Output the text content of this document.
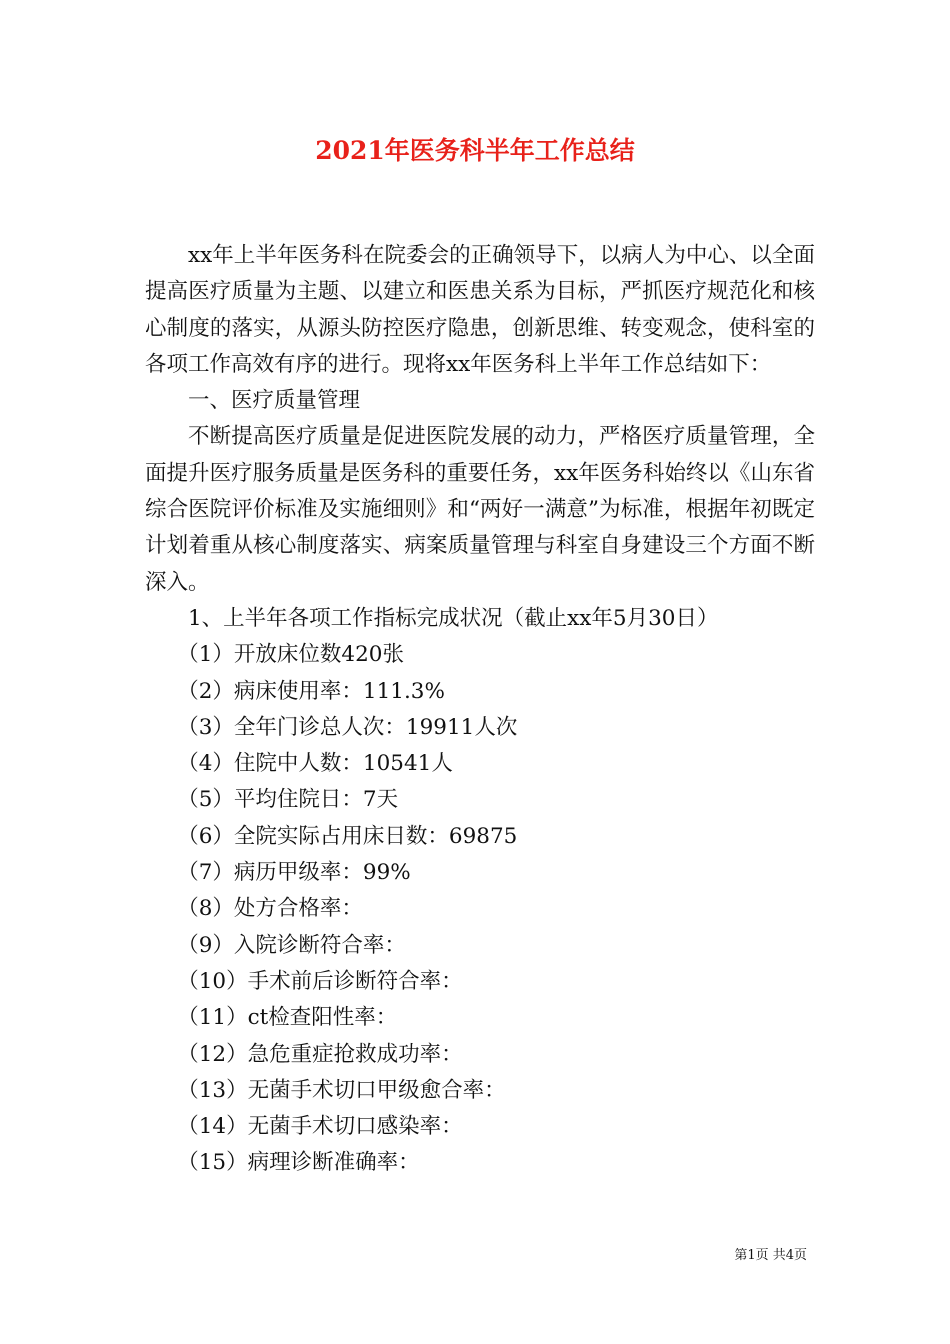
2021年医务科半年工作总结

xx年上半年医务科在院委会的正确领导下，以病人为中心、以全面提高医疗质量为主题、以建立和医患关系为目标，严抓医疗规范化和核心制度的落实，从源头防控医疗隐患，创新思维、转变观念，使科室的各项工作高效有序的进行。现将xx年医务科上半年工作总结如下：

一、医疗质量管理

不断提高医疗质量是促进医院发展的动力，严格医疗质量管理，全面提升医疗服务质量是医务科的重要任务，xx年医务科始终以《山东省综合医院评价标准及实施细则》和“两好一满意”为标准，根据年初既定计划着重从核心制度落实、病案质量管理与科室自身建设三个方面不断深入。

1、上半年各项工作指标完成状况（截止xx年5月30日）

（1）开放床位数420张

（2）病床使用率：111.3%

（3）全年门诊总人次：19911人次

（4）住院中人数：10541人

（5）平均住院日：7天

（6）全院实际占用床日数：69875

（7）病历甲级率：99%

（8）处方合格率：

（9）入院诊断符合率：

（10）手术前后诊断符合率：

（11）ct检查阳性率：

（12）急危重症抢救成功率：

（13）无菌手术切口甲级愈合率：

（14）无菌手术切口感染率：

（15）病理诊断准确率：

第1页 共4页
